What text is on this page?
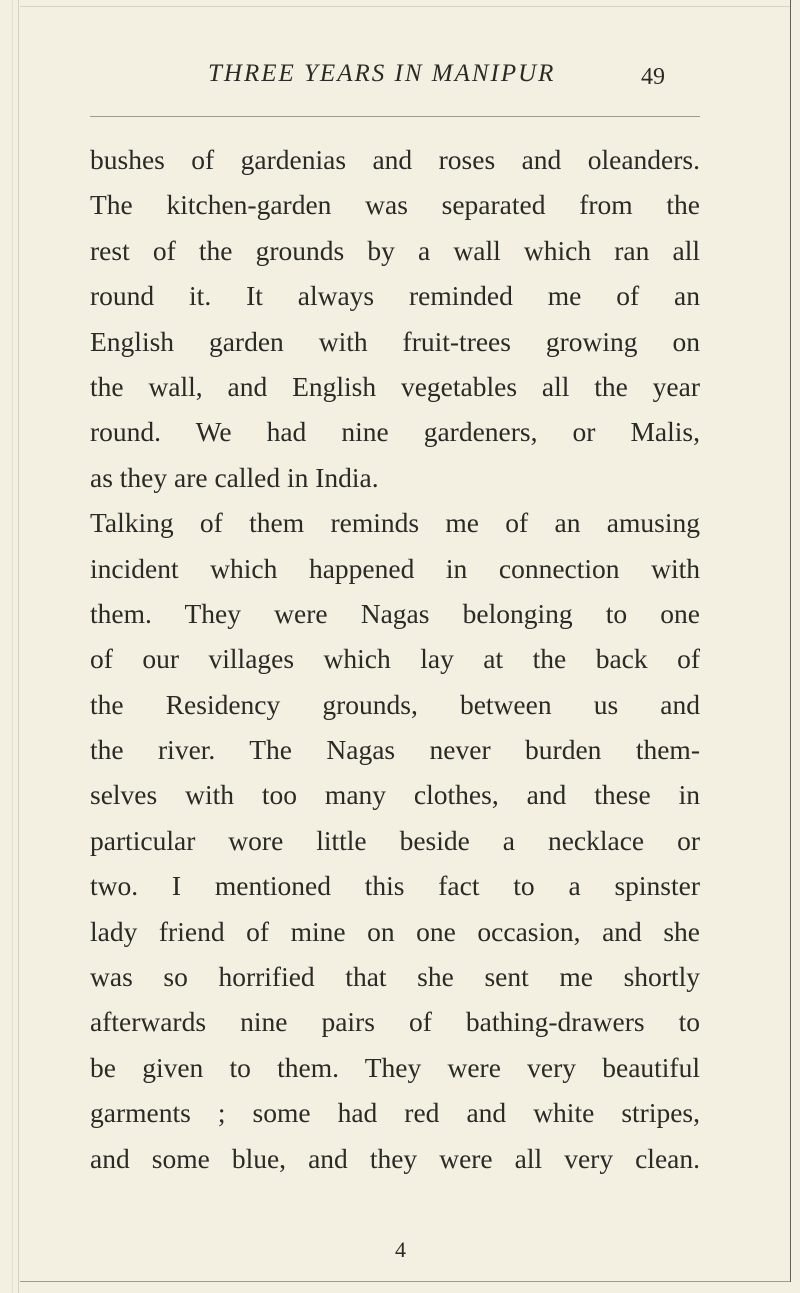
THREE YEARS IN MANIPUR	49
bushes of gardenias and roses and oleanders.
The kitchen-garden was separated from the
rest of the grounds by a wall which ran all
round it. It always reminded me of an
English garden with fruit-trees growing on
the wall, and English vegetables all the year
round. We had nine gardeners, or Malis,
as they are called in India.
Talking of them reminds me of an amusing
incident which happened in connection with
them. They were Nagas belonging to one
of our villages which lay at the back of
the Residency grounds, between us and
the river. The Nagas never burden them-
selves with too many clothes, and these in
particular wore little beside a necklace or
two. I mentioned this fact to a spinster
lady friend of mine on one occasion, and she
was so horrified that she sent me shortly
afterwards nine pairs of bathing-drawers to
be given to them. They were very beautiful
garments ; some had red and white stripes,
and some blue, and they were all very clean.
4
